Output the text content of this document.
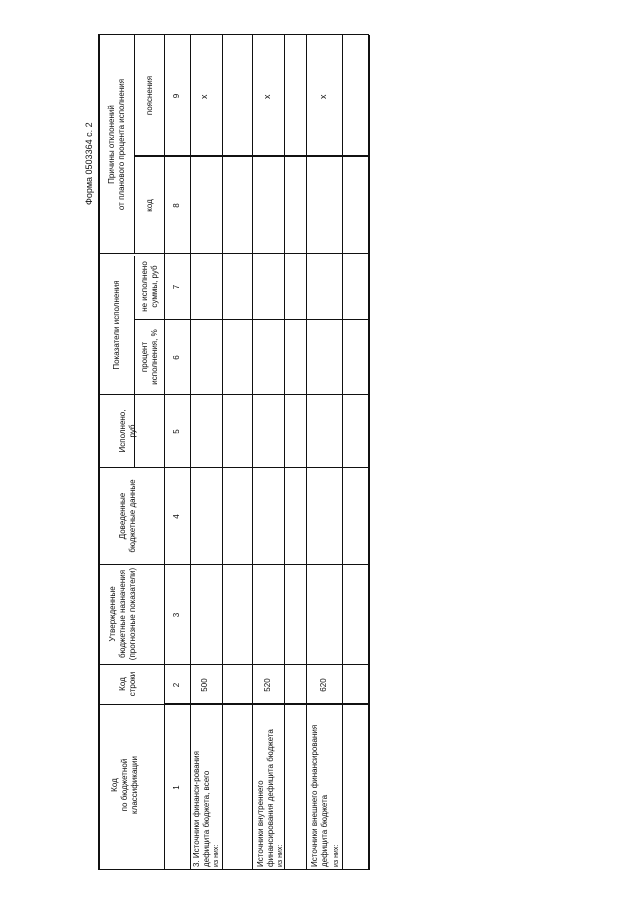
Форма 0503364 с. 2
Код по бюджетной классификации
Код строки
Утвержденные бюджетные назначения (прогнозные показатели)
Доведенные бюджетные данные
Исполнено, руб
Показатели исполнения процент исполнения, %
не исполнено суммы, руб
Причины отклонений от планового процента исполнения код
пояснения
1
2
3
4
5
6
7
8
9
3. Источники финанси-рования дефицита бюджета, всего из них:
500
x
Источники внутреннего финансирования дефицита бюджета из них:
520
x
Источники внешнего финансирования дефицита бюджета из них:
620
x
